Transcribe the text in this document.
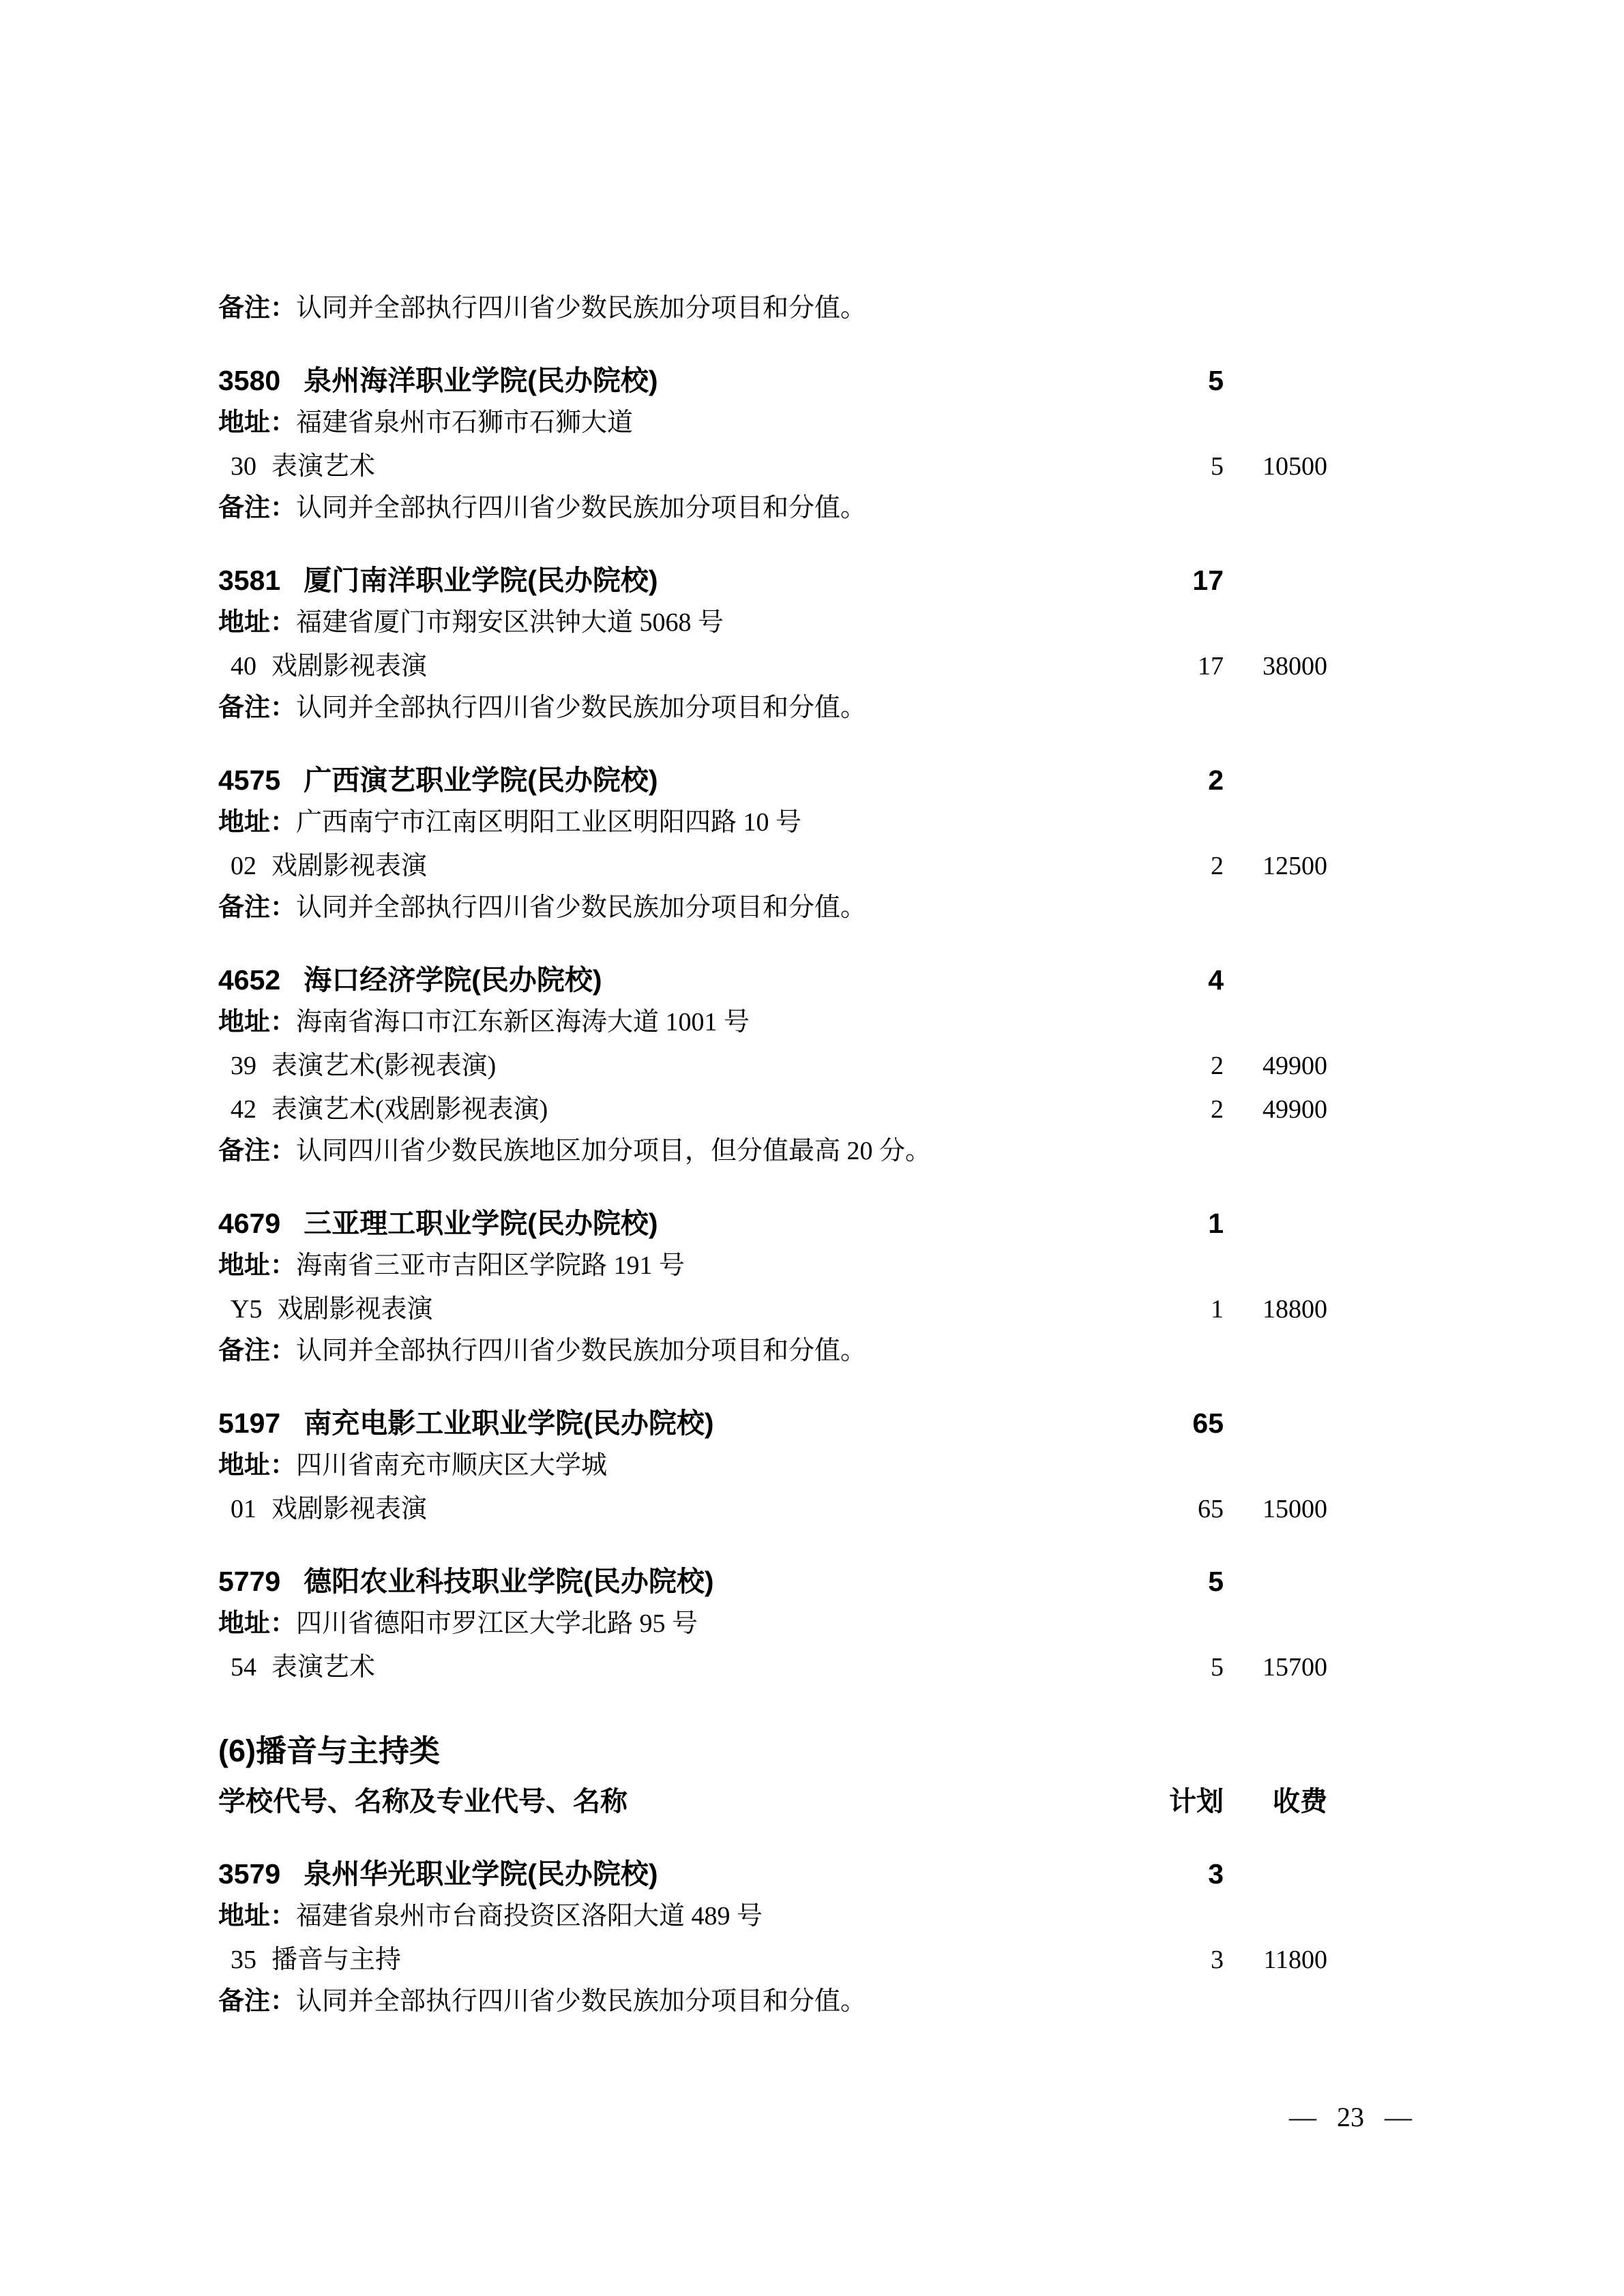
备注：认同并全部执行四川省少数民族加分项目和分值。
3580 泉州海洋职业学院(民办院校)	5
地址：福建省泉州市石狮市石狮大道
30 表演艺术	5	10500
备注：认同并全部执行四川省少数民族加分项目和分值。
3581 厦门南洋职业学院(民办院校)	17
地址：福建省厦门市翔安区洪钟大道 5068 号
40 戏剧影视表演	17	38000
备注：认同并全部执行四川省少数民族加分项目和分值。
4575 广西演艺职业学院(民办院校)	2
地址：广西南宁市江南区明阳工业区明阳四路 10 号
02 戏剧影视表演	2	12500
备注：认同并全部执行四川省少数民族加分项目和分值。
4652 海口经济学院(民办院校)	4
地址：海南省海口市江东新区海涛大道 1001 号
39 表演艺术(影视表演)	2	49900
42 表演艺术(戏剧影视表演)	2	49900
备注：认同四川省少数民族地区加分项目，但分值最高 20 分。
4679 三亚理工职业学院(民办院校)	1
地址：海南省三亚市吉阳区学院路 191 号
Y5 戏剧影视表演	1	18800
备注：认同并全部执行四川省少数民族加分项目和分值。
5197 南充电影工业职业学院(民办院校)	65
地址：四川省南充市顺庆区大学城
01 戏剧影视表演	65	15000
5779 德阳农业科技职业学院(民办院校)	5
地址：四川省德阳市罗江区大学北路 95 号
54 表演艺术	5	15700
(6)播音与主持类
学校代号、名称及专业代号、名称	计划	收费
3579 泉州华光职业学院(民办院校)	3
地址：福建省泉州市台商投资区洛阳大道 489 号
35 播音与主持	3	11800
备注：认同并全部执行四川省少数民族加分项目和分值。
— 23 —
